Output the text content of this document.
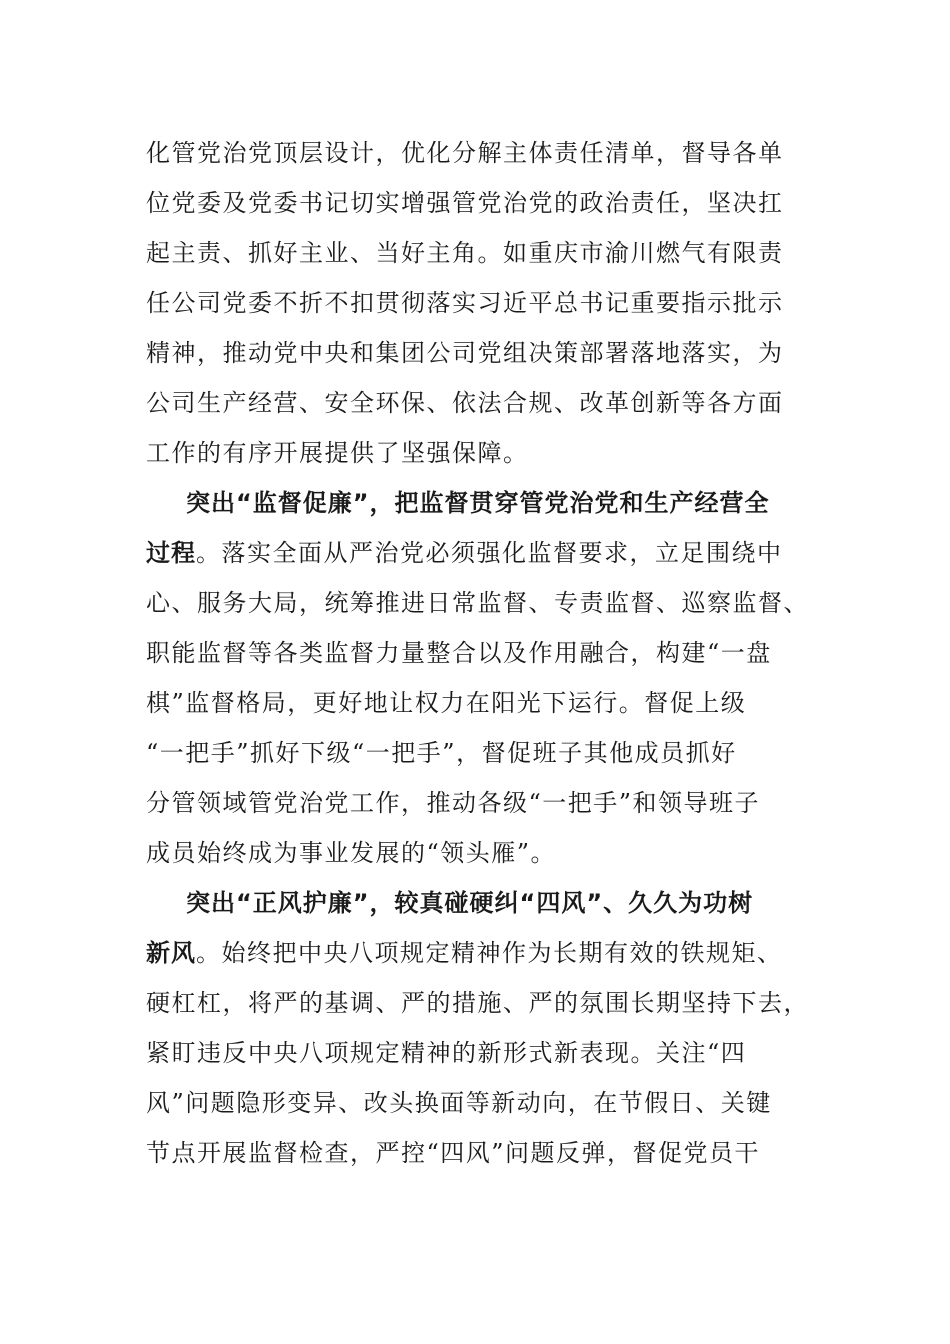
化管党治党顶层设计，优化分解主体责任清单，督导各单
位党委及党委书记切实增强管党治党的政治责任，坚决扛
起主责、抓好主业、当好主角。如重庆市渝川燃气有限责
任公司党委不折不扣贯彻落实习近平总书记重要指示批示
精神，推动党中央和集团公司党组决策部署落地落实，为
公司生产经营、安全环保、依法合规、改革创新等各方面
工作的有序开展提供了坚强保障。
突出“监督促廉”，把监督贯穿管党治党和生产经营全
过程。落实全面从严治党必须强化监督要求，立足围绕中
心、服务大局，统筹推进日常监督、专责监督、巡察监督、
职能监督等各类监督力量整合以及作用融合，构建“一盘
棋”监督格局，更好地让权力在阳光下运行。督促上级
“一把手”抓好下级“一把手”，督促班子其他成员抓好
分管领域管党治党工作，推动各级“一把手”和领导班子
成员始终成为事业发展的“领头雁”。
突出“正风护廉”，较真碰硬纠“四风”、久久为功树
新风。始终把中央八项规定精神作为长期有效的铁规矩、
硬杠杠，将严的基调、严的措施、严的氛围长期坚持下去，
紧盯违反中央八项规定精神的新形式新表现。关注“四
风”问题隐形变异、改头换面等新动向，在节假日、关键
节点开展监督检查，严控“四风”问题反弹，督促党员干
